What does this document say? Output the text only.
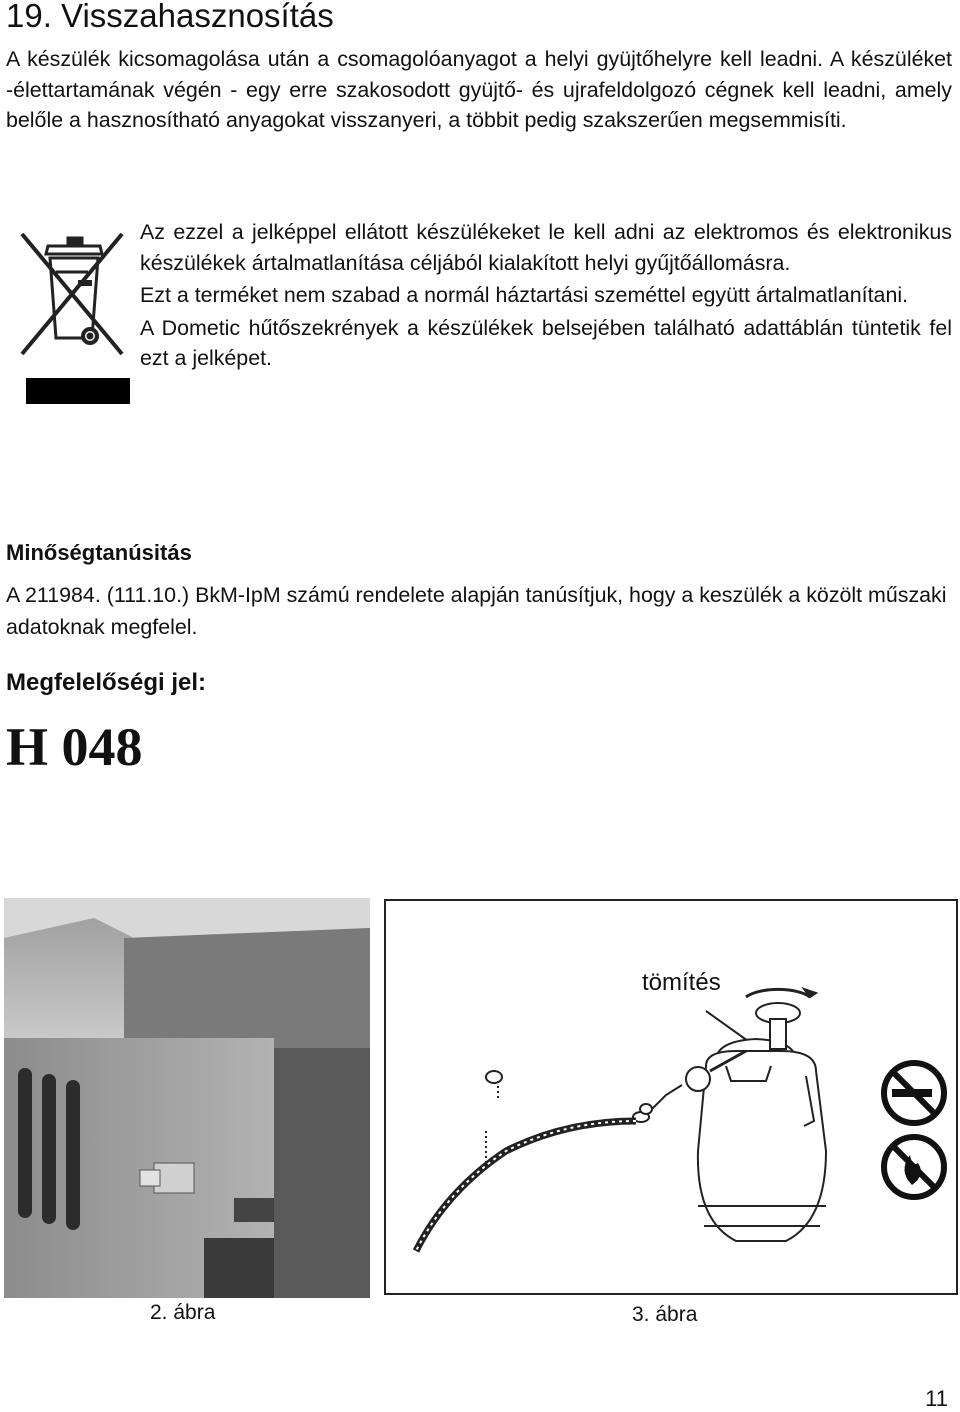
19. Visszahasznosítás
A készülék kicsomagolása után a csomagolóanyagot a helyi gyüjtőhelyre kell leadni. A készüléket -élettartamának végén - egy erre szakosodott gyüjtő- és ujrafeldolgozó cégnek kell leadni, amely belőle a hasznosítható anyagokat visszanyeri, a többit pedig szakszerűen megsemmisíti.

Az ezzel a jelképpel ellátott készülékeket le kell adni az elektromos és elektronikus készülékek ártalmatlanítása céljából kialakított helyi gyűjtőállomásra.

Ezt a terméket nem szabad a normál háztartási szeméttel együtt ártalmatlanítani.

A Dometic hűtőszekrények a készülékek belsejében található adattáblán tüntetik fel ezt a jelképet.

Minőségtanúsitás
A 211984. (111.10.) BkM-IpM számú rendelete alapján tanúsítjuk, hogy a keszülék a közölt műszaki adatoknak megfelel.
Megfelelőségi jel:
H 048
tömítés
2. ábra	3. ábra
11
